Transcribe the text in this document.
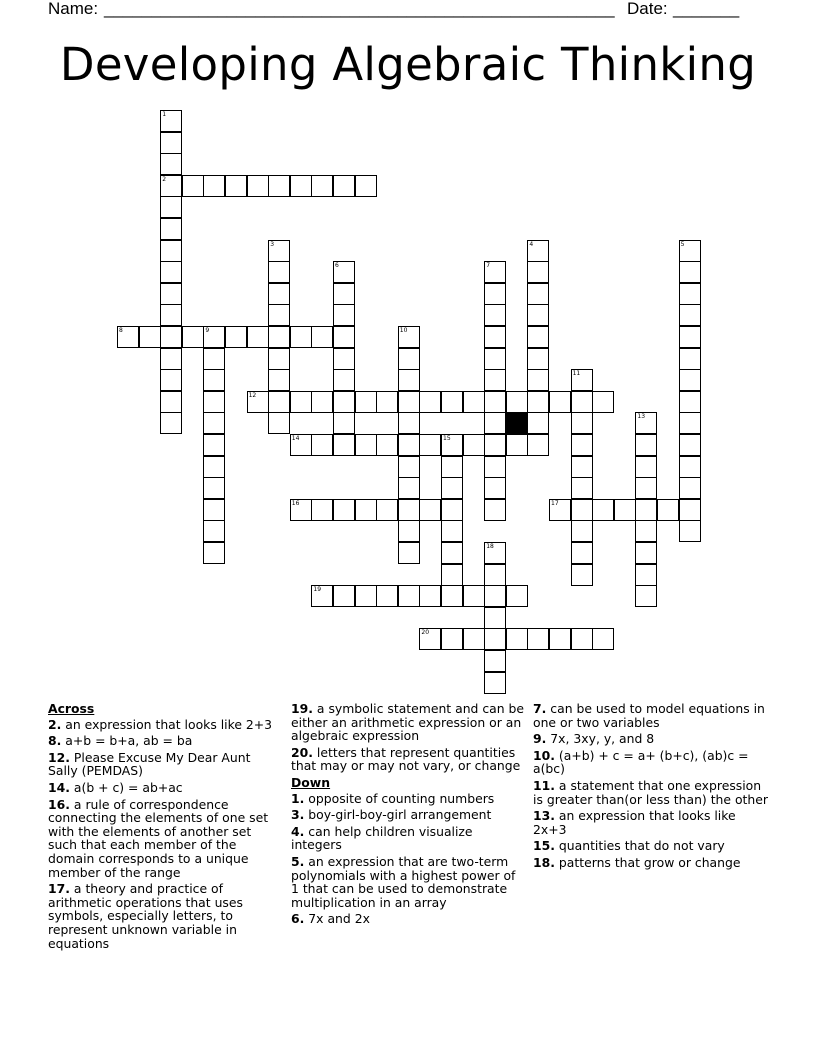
Name: ______________________________________________________ Date: _______
Developing Algebraic Thinking
1
2
3	4	5
6	7
8	9	10
11
12
13
14	15
16	17
18
19
20
Across
2. an expression that looks like 2+3
8. a+b = b+a, ab = ba
12. Please Excuse My Dear Aunt Sally (PEMDAS)
14. a(b + c) = ab+ac
16. a rule of correspondence connecting the elements of one set with the elements of another set such that each member of the domain corresponds to a unique member of the range
17. a theory and practice of arithmetic operations that uses symbols, especially letters, to represent unknown variable in equations
19. a symbolic statement and can be either an arithmetic expression or an algebraic expression
20. letters that represent quantities that may or may not vary, or change
Down
1. opposite of counting numbers
3. boy-girl-boy-girl arrangement
4. can help children visualize integers
5. an expression that are two-term polynomials with a highest power of 1 that can be used to demonstrate multiplication in an array
6. 7x and 2x
7. can be used to model equations in one or two variables
9. 7x, 3xy, y, and 8
10. (a+b) + c = a+ (b+c), (ab)c = a(bc)
11. a statement that one expression is greater than(or less than) the other
13. an expression that looks like 2x+3
15. quantities that do not vary
18. patterns that grow or change
